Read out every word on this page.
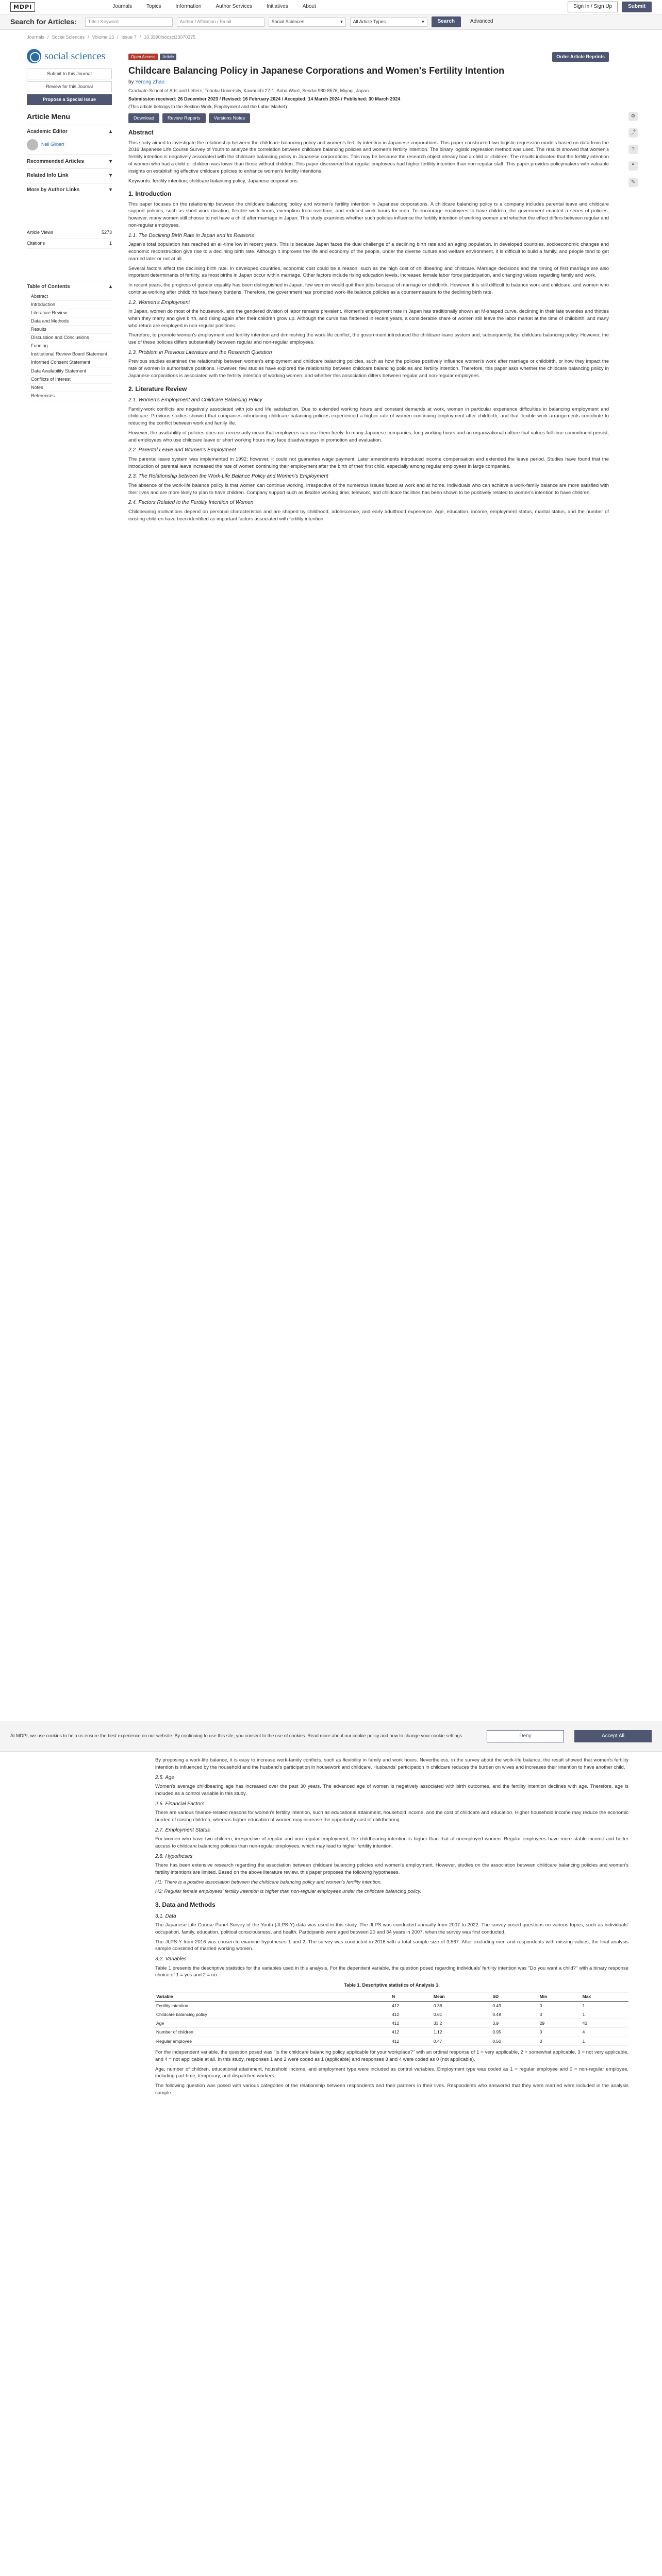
MDPI	Journals	Topics	Information	Author Services	Initiatives	About	Sign In / Sign Up	Submit
Search for Articles:	Title / Keyword	Author / Affiliation / Email	Social Sciences	▾ All Article Types	▾	Search	Advanced
Journals / Social Sciences / Volume 13 / Issue 7 / 10.3390/socsci13070375
social sciences
Submit to this Journal
Review for this Journal
Propose a Special Issue
Article Menu
Academic Editor	▴
Neil Gilbert
Recommended Articles	▾
Related Info Link	▾
More by Author Links	▾
Article Views	5273
Citations	1
Table of Contents	▴
Abstract
Introduction
Literature Review
Data and Methods
Results
Discussion and Conclusions
Funding
Institutional Review Board Statement
Informed Consent Statement
Data Availability Statement
Conflicts of Interest
Notes
References
⚙
⤴
?
❝
✎
Open Access	Article	Order Article Reprints
Childcare Balancing Policy in Japanese Corporations and Women's Fertility Intention
by Yerong Zhao
Graduate School of Arts and Letters, Tohoku University, Kawauchi 27-1, Aoba Ward, Sendai 980-8576, Miyagi, Japan
Submission received: 26 December 2023 / Revised: 16 February 2024 / Accepted: 14 March 2024 / Published: 30 March 2024
(This article belongs to the Section Work, Employment and the Labor Market)
Download	Review Reports	Versions Notes
Abstract

This study aimed to investigate the relationship between the childcare balancing policy and women's fertility intention in Japanese corporations. This paper constructed two logistic regression models based on data from the 2016 Japanese Life Course Survey of Youth to analyze the correlation between childcare balancing policies and women's fertility intention. The binary logistic regression method was used. The results showed that women's fertility intention is negatively associated with the childcare balancing policy in Japanese corporations. This may be because the research object already had a child or children. The results indicated that the fertility intention of women who had a child or children was lower than those without children. This paper discovered that regular employees had higher fertility intention than non-regular staff. This paper provides policymakers with valuable insights on establishing effective childcare policies to enhance women's fertility intentions.

Keywords: fertility intention; childcare balancing policy; Japanese corporations
1. Introduction

This paper focuses on the relationship between the childcare balancing policy and women's fertility intention in Japanese corporations. A childcare balancing policy is a company includes parental leave and childcare support policies, such as short work duration, flexible work hours, exemption from overtime, and reduced work hours for men. To encourage employees to have children, the government enacted a series of policies; however, many women still choose to not have a child after marriage in Japan. This study examines whether such policies influence the fertility intention of working women and whether the effect differs between regular and non-regular employees.

1.1. The Declining Birth Rate in Japan and Its Reasons

Japan's total population has reached an all-time low in recent years. This is because Japan faces the dual challenge of a declining birth rate and an aging population. In developed countries, socioeconomic changes and economic reconstruction give rise to a declining birth rate. Although it improves the life and economy of the people, under the diverse culture and welfare environment, it is difficult to build a family, and people tend to get married later or not at all.

Several factors affect the declining birth rate. In developed countries, economic cost could be a reason, such as the high cost of childbearing and childcare. Marriage decisions and the timing of first marriage are also important determinants of fertility, as most births in Japan occur within marriage. Other factors include rising education levels, increased female labor force participation, and changing values regarding family and work.

In recent years, the progress of gender equality has been distinguished in Japan; few women would quit their jobs because of marriage or childbirth. However, it is still difficult to balance work and childcare, and women who continue working after childbirth face heavy burdens. Therefore, the government has promoted work-life balance policies as a countermeasure to the declining birth rate.

1.2. Women's Employment

In Japan, women do most of the housework, and the gendered division of labor remains prevalent. Women's employment rate in Japan has traditionally shown an M-shaped curve, declining in their late twenties and thirties when they marry and give birth, and rising again after their children grow up. Although the curve has flattened in recent years, a considerable share of women still leave the labor market at the time of childbirth, and many who return are employed in non-regular positions.

Therefore, to promote women's employment and fertility intention and diminishing the work-life conflict, the government introduced the childcare leave system and, subsequently, the childcare balancing policy. However, the use of these policies differs substantially between regular and non-regular employees.

1.3. Problem in Previous Literature and the Research Question

Previous studies examined the relationship between women's employment and childcare balancing policies, such as how the policies positively influence women's work after marriage or childbirth, or how they impact the rate of women in authoritative positions. However, few studies have explored the relationship between childcare balancing policies and fertility intention. Therefore, this paper asks whether the childcare balancing policy in Japanese corporations is associated with the fertility intention of working women, and whether this association differs between regular and non-regular employees.

2. Literature Review
2.1. Women's Employment and Childcare Balancing Policy

Family-work conflicts are negatively associated with job and life satisfaction. Due to extended working hours and constant demands at work, women in particular experience difficulties in balancing employment and childcare. Previous studies showed that companies introducing childcare balancing policies experienced a higher rate of women continuing employment after childbirth, and that flexible work arrangements contribute to reducing the conflict between work and family life.

However, the availability of policies does not necessarily mean that employees can use them freely. In many Japanese companies, long working hours and an organizational culture that values full-time commitment persist, and employees who use childcare leave or short working hours may face disadvantages in promotion and evaluation.

2.2. Parental Leave and Women's Employment

The parental leave system was implemented in 1992; however, it could not guarantee wage payment. Later amendments introduced income compensation and extended the leave period. Studies have found that the introduction of parental leave increased the rate of women continuing their employment after the birth of their first child, especially among regular employees in large companies.

2.3. The Relationship between the Work-Life Balance Policy and Women's Employment

The absence of the work-life balance policy is that women can continue working, irrespective of the numerous issues faced at work and at home. Individuals who can achieve a work-family balance are more satisfied with their lives and are more likely to plan to have children. Company support such as flexible working time, telework, and childcare facilities has been shown to be positively related to women's intention to have children.

2.4. Factors Related to the Fertility Intention of Women

Childbearing motivations depend on personal characteristics and are shaped by childhood, adolescence, and early adulthood experience. Age, education, income, employment status, marital status, and the number of existing children have been identified as important factors associated with fertility intention.

At MDPI, we use cookies to help us ensure the best experience on our website. By continuing to use this site, you consent to the use of cookies. Read more about our cookie policy and how to change your cookie settings.	Deny	Accept All

By proposing a work-life balance, it is easy to increase work-family conflicts, such as flexibility in family and work hours. Nevertheless, in the survey about the work-life balance, the result showed that women's fertility intention is influenced by the household and the husband's participation in housework and childcare. Husbands' participation in childcare reduces the burden on wives and increases their intention to have another child.

2.5. Age

Women's average childbearing age has increased over the past 30 years. The advanced age of women is negatively associated with birth outcomes, and the fertility intention declines with age. Therefore, age is included as a control variable in this study.

2.6. Financial Factors

There are various finance-related reasons for women's fertility intention, such as educational attainment, household income, and the cost of childcare and education. Higher household income may reduce the economic burden of raising children, whereas higher education of women may increase the opportunity cost of childbearing.

2.7. Employment Status

For women who have two children, irrespective of regular and non-regular employment, the childbearing intention is higher than that of unemployed women. Regular employees have more stable income and better access to childcare balancing policies than non-regular employees, which may lead to higher fertility intention.

2.8. Hypotheses

There has been extensive research regarding the association between childcare balancing policies and women's employment. However, studies on the association between childcare balancing policies and women's fertility intentions are limited. Based on the above literature review, this paper proposes the following hypotheses.

H1: There is a positive association between the childcare balancing policy and women's fertility intention.

H2: Regular female employees' fertility intention is higher than non-regular employees under the childcare balancing policy.

3. Data and Methods
3.1. Data

The Japanese Life Course Panel Survey of the Youth (JLPS-Y) data was used in this study. The JLPS was conducted annually from 2007 to 2022. The survey posed questions on various topics, such as individuals' occupation, family, education, political consciousness, and health. Participants were aged between 20 and 34 years in 2007, when the survey was first conducted.

The JLPS-Y from 2016 was chosen to examine hypotheses 1 and 2. The survey was conducted in 2016 with a total sample size of 3,567. After excluding men and respondents with missing values, the final analysis sample consisted of married working women.

3.2. Variables

Table 1 presents the descriptive statistics for the variables used in this analysis. For the dependent variable, the question posed regarding individuals' fertility intention was "Do you want a child?" with a binary response choice of 1 = yes and 2 = no.

Table 1. Descriptive statistics of Analysis 1.
Variable	N	Mean	SD	Min	Max
Fertility intention	412	0.38	0.49	0	1
Childcare balancing policy	412	0.61	0.49	0	1
Age	412	33.2	3.9	29	43
Number of children	412	1.12	0.95	0	4
Regular employee	412	0.47	0.50	0	1

For the independent variable, the question posed was "Is the childcare balancing policy applicable for your workplace?" with an ordinal response of 1 = very applicable, 2 = somewhat applicable, 3 = not very applicable, and 4 = not applicable at all. In this study, responses 1 and 2 were coded as 1 (applicable) and responses 3 and 4 were coded as 0 (not applicable).

Age, number of children, educational attainment, household income, and employment type were included as control variables. Employment type was coded as 1 = regular employee and 0 = non-regular employee, including part-time, temporary, and dispatched workers.

The following question was posed with various categories of the relationship between respondents and their partners in their lives. Respondents who answered that they were married were included in the analysis sample.
